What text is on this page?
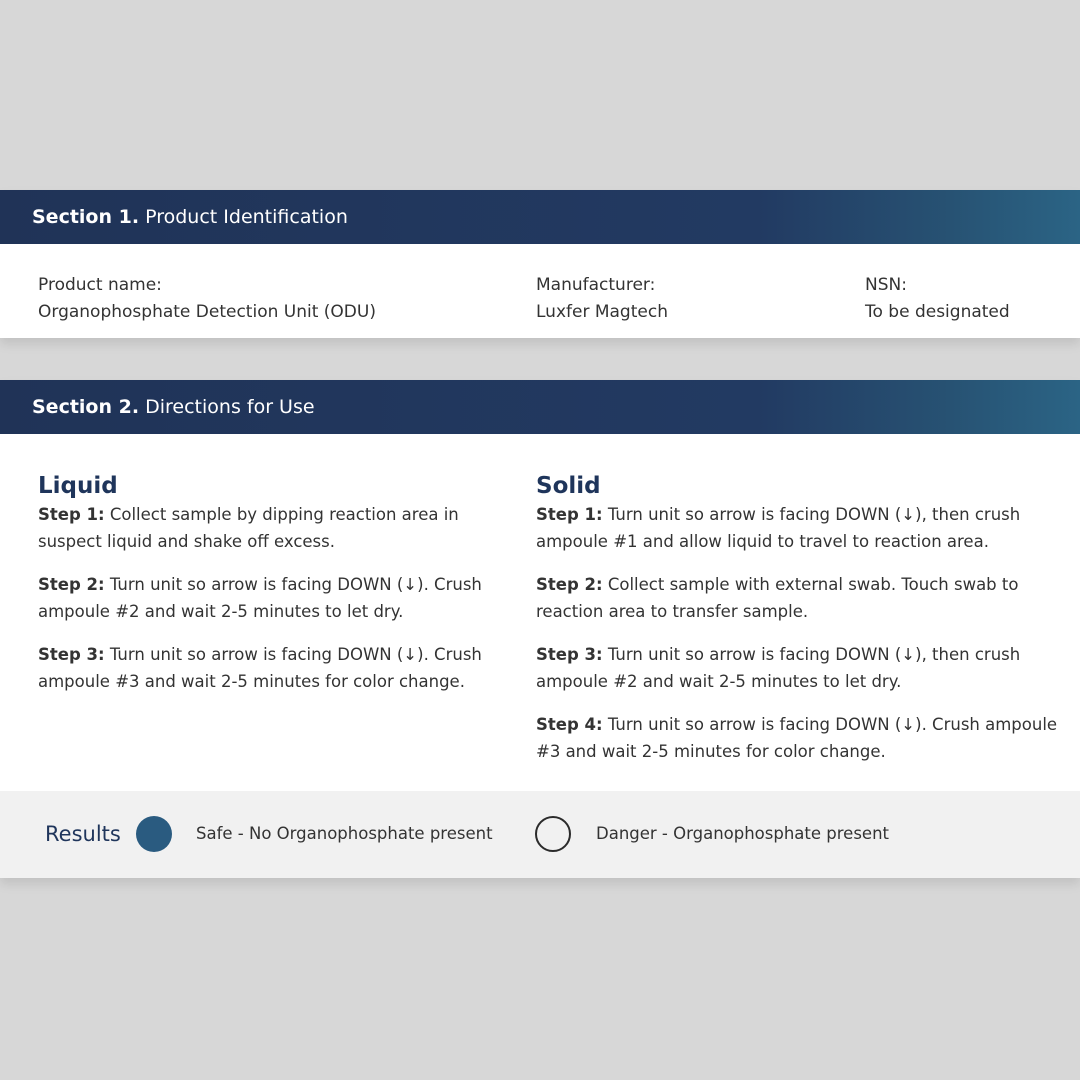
Section 1. Product Identification
Product name:
Organophosphate Detection Unit (ODU)
Manufacturer:
Luxfer Magtech
NSN:
To be designated
Section 2. Directions for Use
Liquid

Step 1: Collect sample by dipping reaction area in suspect liquid and shake off excess.

Step 2: Turn unit so arrow is facing DOWN (↓). Crush ampoule #2 and wait 2-5 minutes to let dry.

Step 3: Turn unit so arrow is facing DOWN (↓). Crush ampoule #3 and wait 2-5 minutes for color change.

Solid

Step 1: Turn unit so arrow is facing DOWN (↓), then crush ampoule #1 and allow liquid to travel to reaction area.

Step 2: Collect sample with external swab. Touch swab to reaction area to transfer sample.

Step 3: Turn unit so arrow is facing DOWN (↓), then crush ampoule #2 and wait 2-5 minutes to let dry.

Step 4: Turn unit so arrow is facing DOWN (↓). Crush ampoule #3 and wait 2-5 minutes for color change.

Results	Safe - No Organophosphate present	Danger - Organophosphate present
